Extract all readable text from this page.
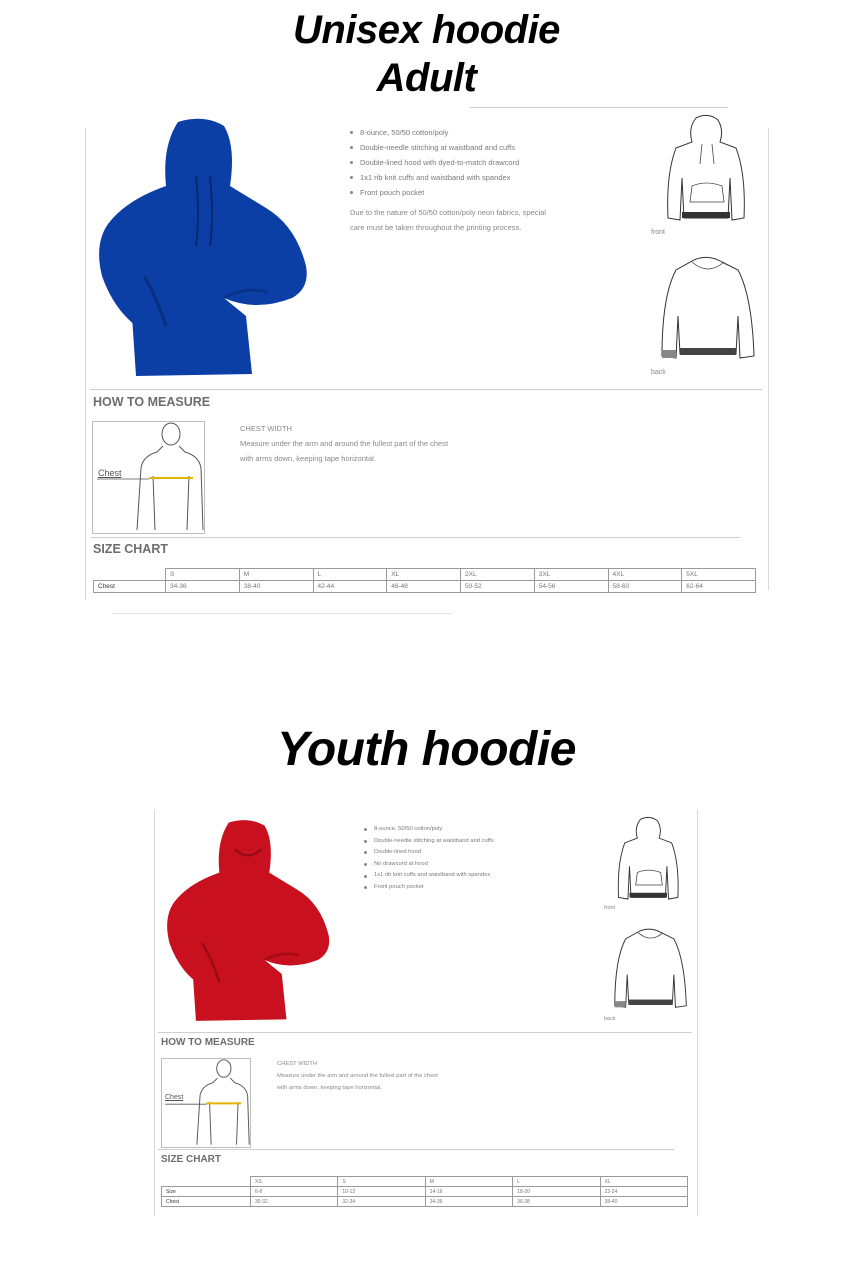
Unisex hoodie
Adult
8-ounce, 50/50 cotton/poly
Double-needle stitching at waistband and cuffs
Double-lined hood with dyed-to-match drawcord
1x1 rib knit cuffs and waistband with spandex
Front pouch pocket
Due to the nature of 50/50 cotton/poly neon fabrics, special
care must be taken throughout the printing process.
front
back
HOW TO MEASURE
Chest
CHEST WIDTH
Measure under the arm and around the fullest part of the chest
with arms down, keeping tape horizontal.
SIZE CHART
	S	M	L	XL	2XL	3XL	4XL	5XL
Chest	34-36	38-40	42-44	46-48	50-52	54-56	58-60	62-64
Youth hoodie
8-ounce, 50/50 cotton/poly
Double-needle stitching at waistband and cuffs
Double-lined hood
No drawcord at hood
1x1 rib knit cuffs and waistband with spandex
Front pouch pocket
front
back
HOW TO MEASURE
Chest
CHEST WIDTH
Measure under the arm and around the fullest part of the chest
with arms down, keeping tape horizontal.
SIZE CHART
	XS	S	M	L	XL
Size	6-8	10-12	14-16	18-20	22-24
Chest	30-32	32-34	34-36	36-38	38-40
